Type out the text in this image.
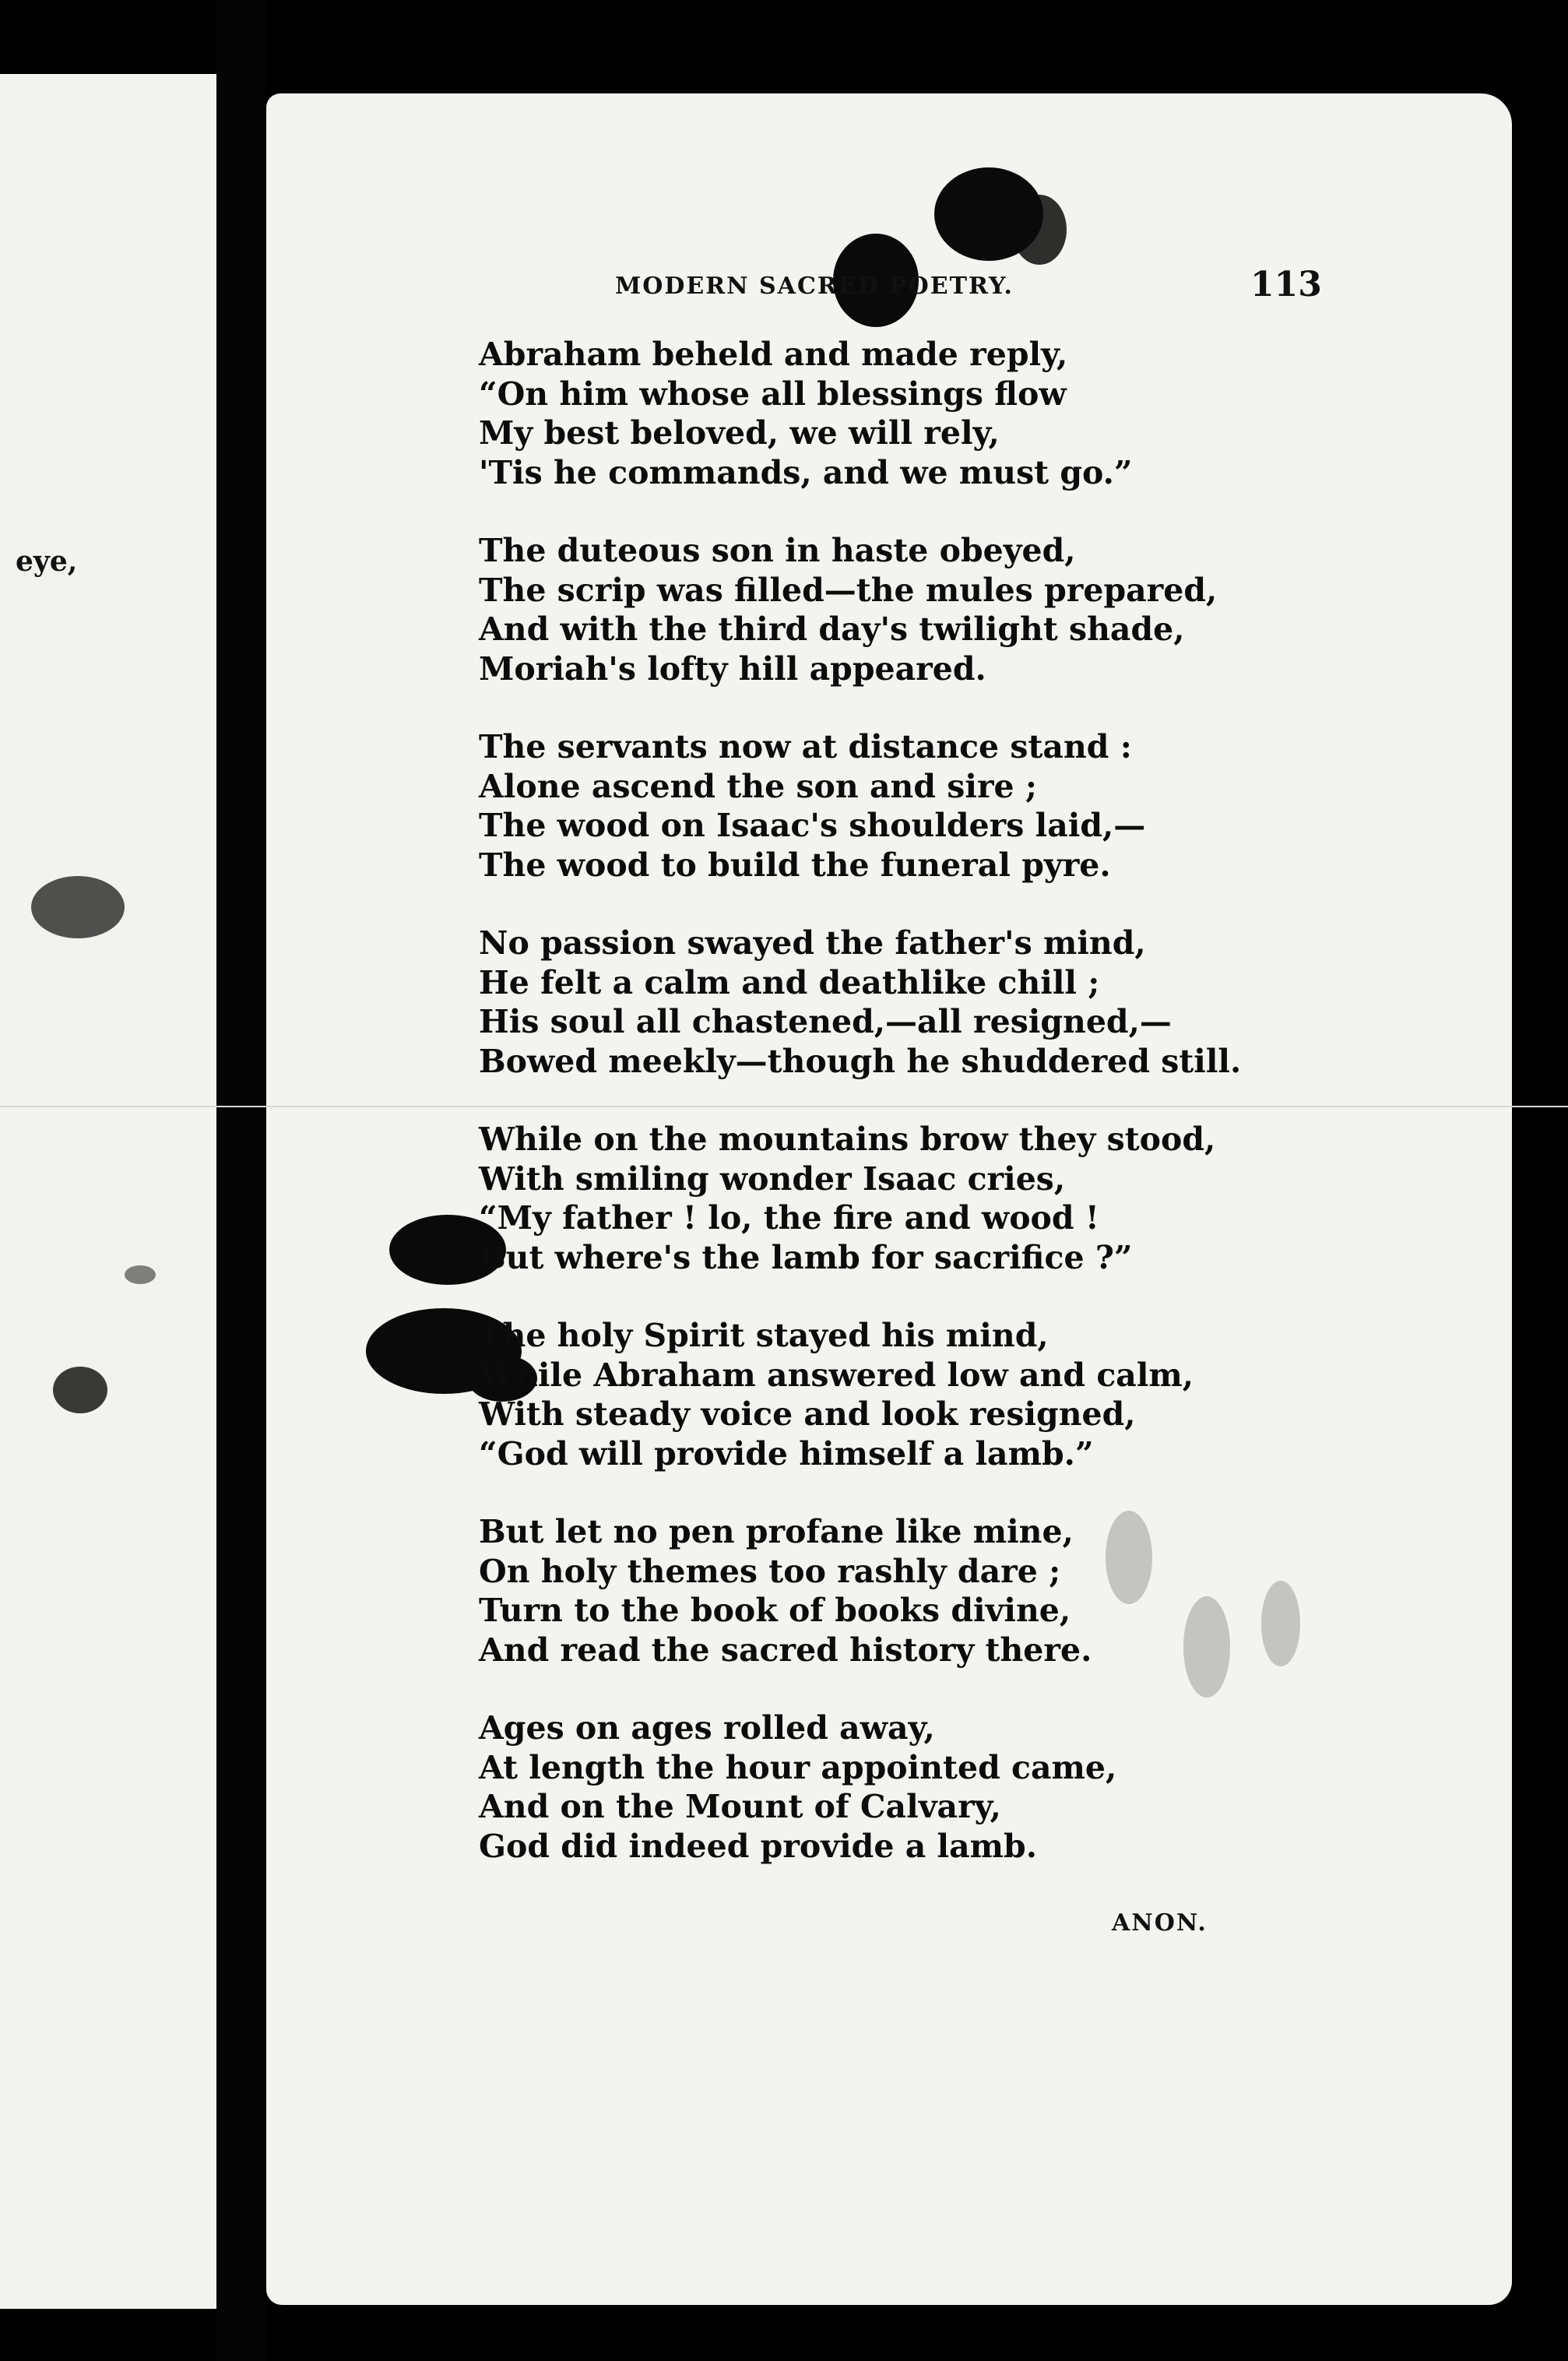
eye,
MODERN SACRED POETRY.	113
Abraham beheld and made reply,
“On him whose all blessings flow
My best beloved, we will rely,
'Tis he commands, and we must go.”
The duteous son in haste obeyed,
The scrip was filled—the mules prepared,
And with the third day's twilight shade,
Moriah's lofty hill appeared.
The servants now at distance stand :
Alone ascend the son and sire ;
The wood on Isaac's shoulders laid,—
The wood to build the funeral pyre.
No passion swayed the father's mind,
He felt a calm and deathlike chill ;
His soul all chastened,—all resigned,—
Bowed meekly—though he shuddered still.
While on the mountains brow they stood,
With smiling wonder Isaac cries,
“My father ! lo, the fire and wood !
But where's the lamb for sacrifice ?”
The holy Spirit stayed his mind,
While Abraham answered low and calm,
With steady voice and look resigned,
“God will provide himself a lamb.”
But let no pen profane like mine,
On holy themes too rashly dare ;
Turn to the book of books divine,
And read the sacred history there.
Ages on ages rolled away,
At length the hour appointed came,
And on the Mount of Calvary,
God did indeed provide a lamb.
ANON.
